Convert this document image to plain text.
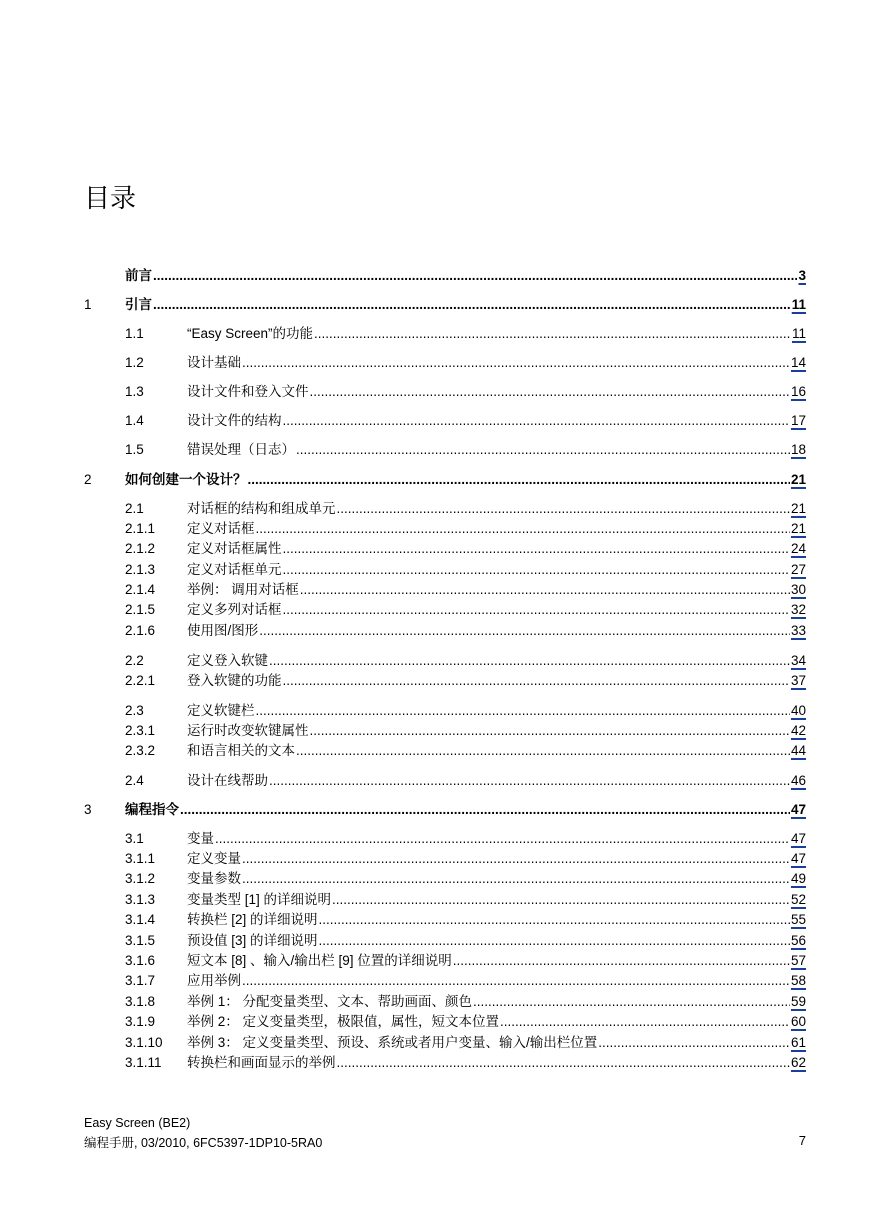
目录
前言 .....	3
1 引言 .....	11
1.1	“Easy Screen”的功能 .....	11
1.2	设计基础 .....	14
1.3	设计文件和登入文件 .....	16
1.4	设计文件的结构 .....	17
1.5	错误处理（日志） .....	18
2 如何创建一个设计？ .....	21
2.1	对话框的结构和组成单元 .....	21
2.1.1 定义对话框 .....	21
2.1.2 定义对话框属性 .....	24
2.1.3 定义对话框单元 .....	27
2.1.4 举例： 调用对话框 .....	30
2.1.5 定义多列对话框 .....	32
2.1.6 使用图/图形 .....	33
2.2	定义登入软键 .....	34
2.2.1 登入软键的功能 .....	37
2.3	定义软键栏 .....	40
2.3.1 运行时改变软键属性 .....	42
2.3.2 和语言相关的文本 .....	44
2.4	设计在线帮助 .....	46
3 编程指令 .....	47
3.1	变量 .....	47
3.1.1 定义变量 .....	47
3.1.2 变量参数 .....	49
3.1.3 变量类型 [1] 的详细说明 .....	52
3.1.4 转换栏 [2] 的详细说明 .....	55
3.1.5 预设值 [3] 的详细说明 .....	56
3.1.6 短文本 [8] 、输入/输出栏 [9] 位置的详细说明 .....	57
3.1.7 应用举例 .....	58
3.1.8 举例 1： 分配变量类型、文本、帮助画面、颜色 .....	59
3.1.9 举例 2： 定义变量类型，极限值，属性，短文本位置 .....	60
3.1.10 举例 3： 定义变量类型、预设、系统或者用户变量、输入/输出栏位置 .....	61
3.1.11 转换栏和画面显示的举例 .....	62
Easy Screen (BE2)
编程手册, 03/2010, 6FC5397-1DP10-5RA0	7
